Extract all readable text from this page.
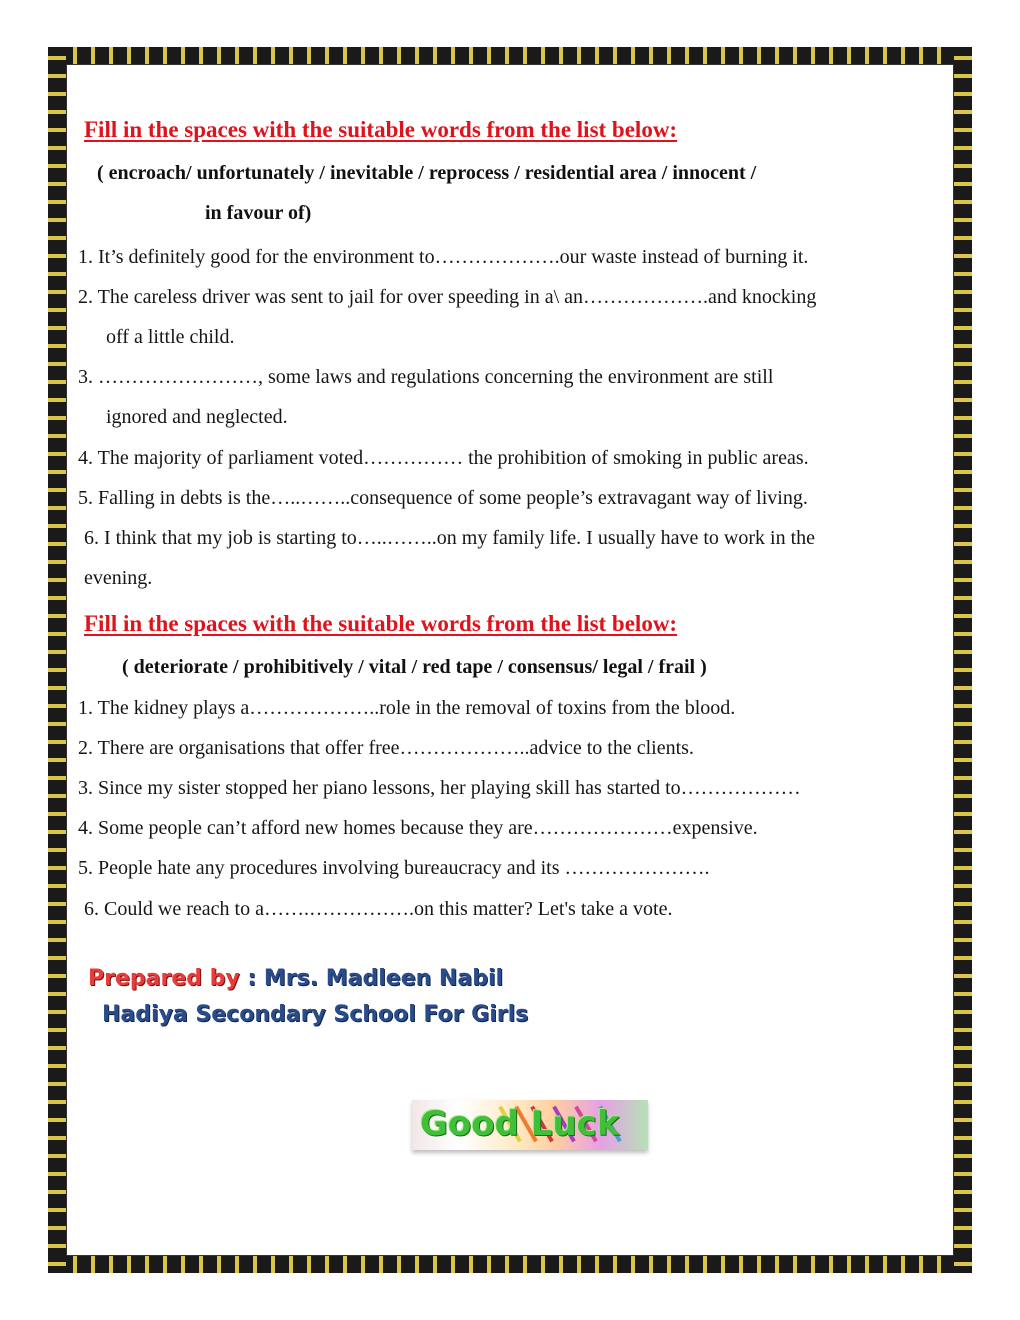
Fill in the spaces with the suitable words from the list below:
( encroach/ unfortunately / inevitable / reprocess / residential area / innocent /
in favour of)
1. It’s definitely good for the environment to……………….our waste instead of burning it.
2. The careless driver was sent to jail for over speeding in a\ an……………….and knocking
off a little child.
3. ……………………, some laws and regulations concerning the environment are still
ignored and neglected.
4. The majority of parliament voted…………… the prohibition of smoking in public areas.
5. Falling in debts is the…..……..consequence of some people’s extravagant way of living.
6. I think that my job is starting to…..……..on my family life. I usually have to work in the
evening.
Fill in the spaces with the suitable words from the list below:
( deteriorate / prohibitively / vital / red tape / consensus/ legal / frail )
1. The kidney plays a………………..role in the removal of toxins from the blood.
2. There are organisations that offer free………………..advice to the clients.
3. Since my sister stopped her piano lessons, her playing skill has started to………………
4. Some people can’t afford new homes because they are…………………expensive.
5. People hate any procedures involving bureaucracy and its ………………….
6. Could we reach to a…….…………….on this matter? Let's take a vote.
Prepared by : Mrs. Madleen Nabil
Hadiya Secondary School For Girls
Good Luck
